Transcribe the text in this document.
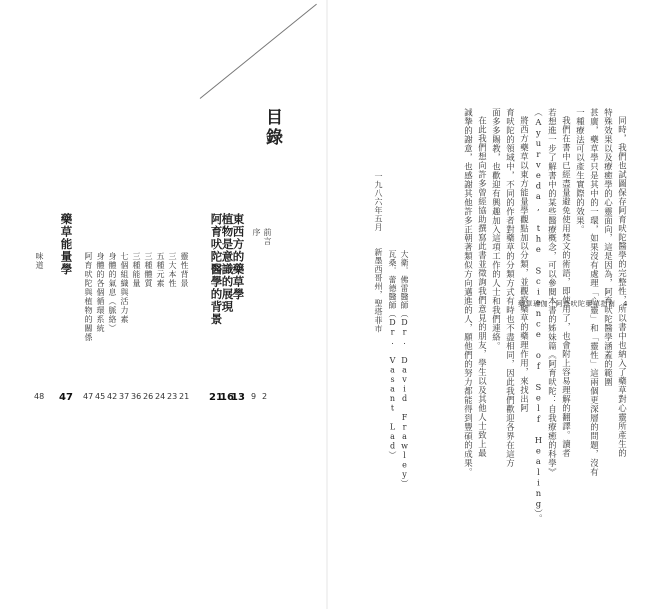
目錄
前言
2
序
9
阿育吠陀醫學的背景
21
植物是意識的展現
16
東西方的藥草學
13
靈性背景
21
三大本性
23
五種元素
24
三種體質
26
三種能量
36
七個組織與活力素
37
身體的氣息（脈絡）
42
身體的各個循環系統
45
阿育吠陀與植物的關係
47
藥草能量學
47
味道
48	同時，我們也試圖保存阿育吠陀醫學的完整性，所以書中也納入了藥草對心靈所產生的
特殊效果以及療癒學的心靈面向，這是因為，阿育吠陀醫學涵蓋的範圍
甚廣，藥草學只是其中的一環，如果沒有處理「心靈」和「靈性」這兩個更深層的問題，沒有
一種療法可以產生實際的效果。
我們在書中已經盡量避免使用梵文的術語，即使用了，也會附上容易理解的翻譯。讀者
若想進一步了解書中的某些醫療概念，可以參閱本書的姊妹篇《阿育吠陀：自我療癒的科學》
（Ayurveda, the Science of Self Healing）。
將西方藥草以東方能量學觀點加以分類，並觀察藥草的藥理作用，來找出阿
育吠陀的領域中，不同的作者對藥草的分類方式有時也不盡相同，因此我們歡迎各界在這方
面多多賜教，也歡迎有興趣加入這項工作的人士和我們連絡。
在此我們想向許多曾經協助撰寫此書並徵詢我們意見的朋友，學生以及其他人士致上最
誠摯的謝意，也感謝其他許多正朝著類似方向邁進的人，願他們的努力都能得到豐碩的成果。
大衛．佛雷醫師（Dr. David Frawley）
瓦桑．蕾德醫師（Dr. Vasant Lad）
一九八六年五月
新墨西哥州，聖塔菲市	藥草瑜伽：阿育吠陀藥草指南　4
